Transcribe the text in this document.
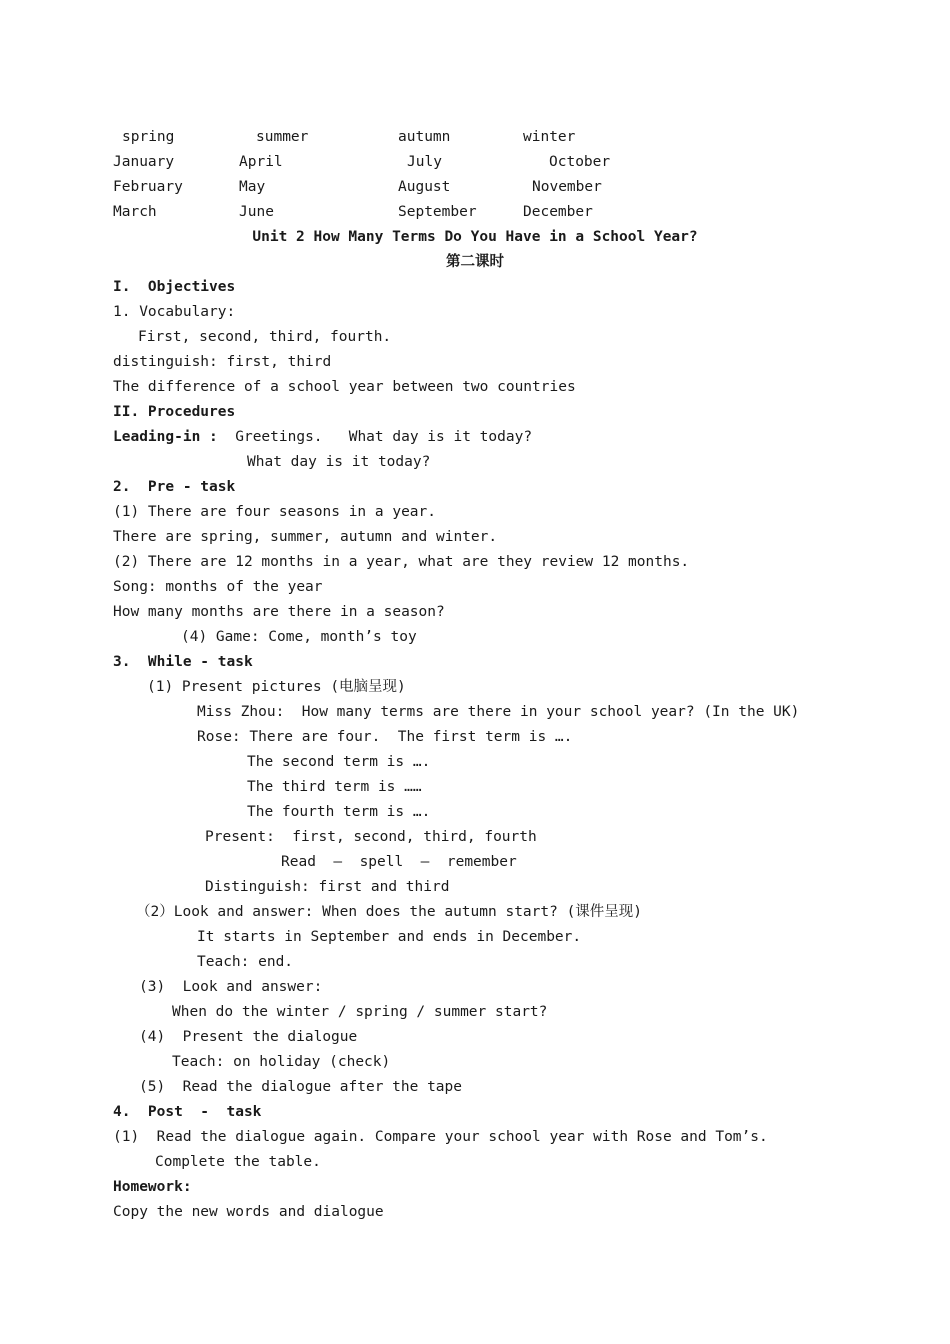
spring	summer	autumn	winter
January	April	July	October
February	May	August	November
March	June	September	December
Unit 2 How Many Terms Do You Have in a School Year?
第二课时
I.  Objectives
1. Vocabulary:
First, second, third, fourth.
distinguish: first, third
The difference of a school year between two countries
II. Procedures
Leading-in : Greetings.   What day is it today?
What day is it today?
2.  Pre - task
(1) There are four seasons in a year.
There are spring, summer, autumn and winter.
(2) There are 12 months in a year, what are they review 12 months.
Song: months of the year
How many months are there in a season?
(4) Game: Come, month’s toy
3.  While - task
(1) Present pictures (电脑呈现)
Miss Zhou:  How many terms are there in your school year? (In the UK)
Rose: There are four.  The first term is ….
The second term is ….
The third term is ……
The fourth term is ….
Present:  first, second, third, fourth
Read  –  spell  –  remember
Distinguish: first and third
（2）Look and answer: When does the autumn start? (课件呈现)
It starts in September and ends in December.
Teach: end.
(3)  Look and answer:
When do the winter / spring / summer start?
(4)  Present the dialogue
Teach: on holiday (check)
(5)  Read the dialogue after the tape
4.  Post  -  task
(1)  Read the dialogue again. Compare your school year with Rose and Tom’s.
Complete the table.
Homework:
Copy the new words and dialogue
